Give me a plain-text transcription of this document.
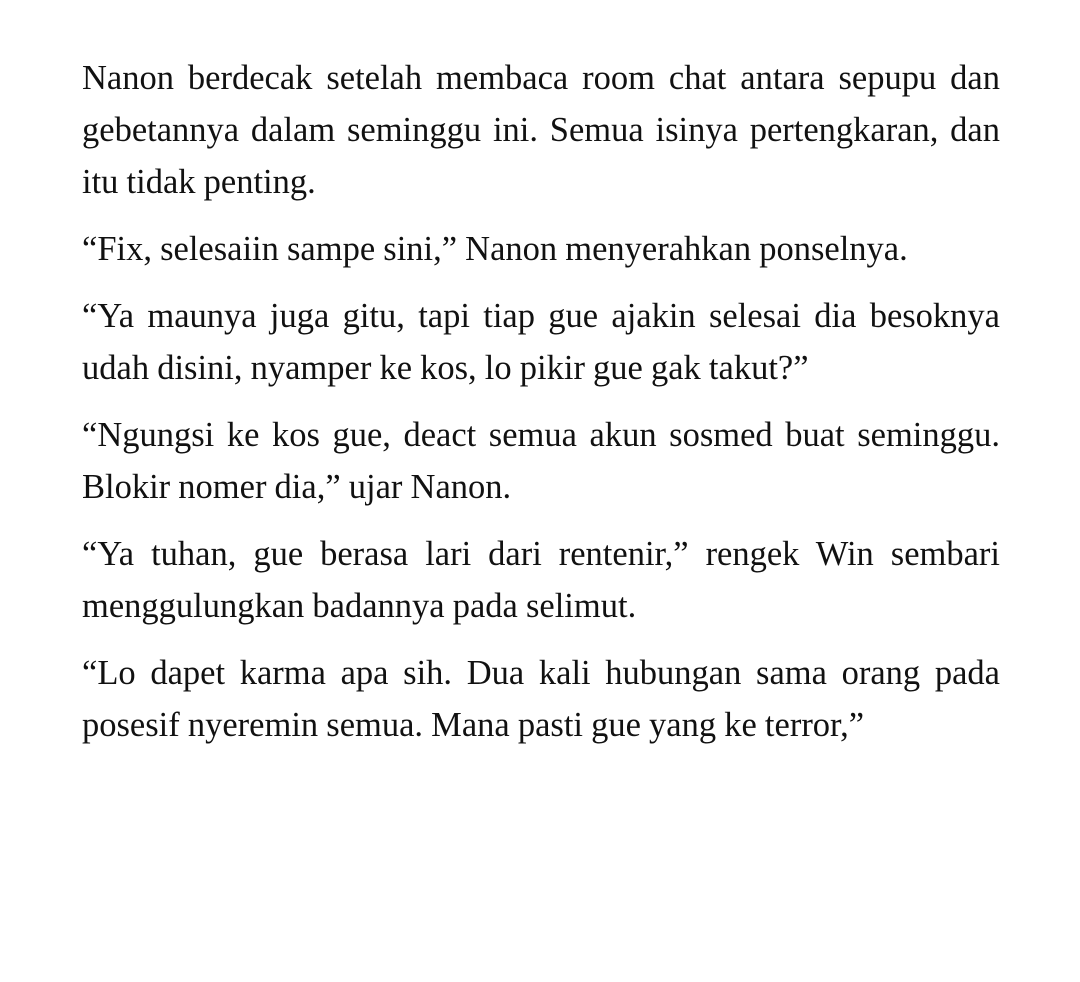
Nanon berdecak setelah membaca room chat antara sepupu dan gebetannya dalam seminggu ini. Semua isinya pertengkaran, dan itu tidak penting.

“Fix, selesaiin sampe sini,” Nanon menyerahkan ponselnya.

“Ya maunya juga gitu, tapi tiap gue ajakin selesai dia besoknya udah disini, nyamper ke kos, lo pikir gue gak takut?”

“Ngungsi ke kos gue, deact semua akun sosmed buat seminggu. Blokir nomer dia,” ujar Nanon.

“Ya tuhan, gue berasa lari dari rentenir,” rengek Win sembari menggulungkan badannya pada selimut.

“Lo dapet karma apa sih. Dua kali hubungan sama orang pada posesif nyeremin semua. Mana pasti gue yang ke terror,”
